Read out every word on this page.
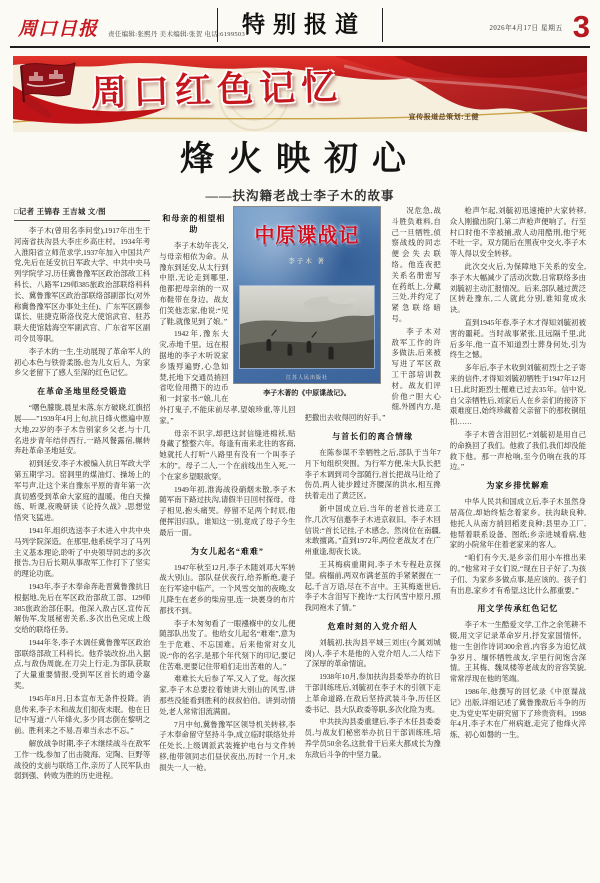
周口日报 责任编辑:张熙丹 美术编辑:张贺 电话:6199503
特别报道	2026年4月17日 星期五 3
周口红色记忆
宣传报道总策划:王健
烽火映初心
——扶沟籍老战士李子木的故事
□记者 王锦春 王吉城 文/图

李子木(曾用名李问堂),1917年出生于河南省扶沟县大李庄乡高庄村。1934年考入淮阳省立师范求学,1937年加入中国共产党,先后在延安抗日军政大学、中共中央马列学院学习,历任冀鲁豫军区政治部敌工科科长、八路军129师385旅政治部联络科科长、冀鲁豫军区政治部联络部副部长(对外称冀鲁豫军区办事处主任)、广东军区副参谋长、驻捷克斯洛伐克大使馆武官、驻苏联大使馆陆海空军副武官、广东省军区副司令员等职。

李子木的一生,生动展现了革命军人的初心本色与铁骨柔肠,也为儿女后人、为家乡父老留下了感人至深的红色记忆。

在革命圣地里经受锻造

“曙色朦胧,晨星未落,东方破晓,红旗招展——”1939年4月上旬,抗日烽火燃遍中原大地,22岁的李子木告别家乡父老,与十几名进步青年结伴西行,一路风餐露宿,辗转奔赴革命圣地延安。

初到延安,李子木被编入抗日军政大学第五期学习。窑洞里的煤油灯、操场上的军号声,让这个来自豫东平原的青年第一次真切感受到革命大家庭的温暖。他白天操练、听课,夜晚研读《论持久战》,思想觉悟突飞猛进。

1941年,组织选送李子木进入中共中央马列学院深造。在那里,他系统学习了马列主义基本理论,聆听了中央领导同志的多次报告,为日后长期从事敌军工作打下了坚实的理论功底。

1943年,李子木奉命奔赴晋冀鲁豫抗日根据地,先后在军区政治部敌工部、129师385旅政治部任职。他深入敌占区,宣传瓦解伪军,发展秘密关系,多次出色完成上级交给的联络任务。

1944年冬,李子木调任冀鲁豫军区政治部联络部敌工科科长。他乔装改扮,出入据点,与敌伪周旋,在刀尖上行走,为部队获取了大量重要情报,受到军区首长的通令嘉奖。

1945年8月,日本宣布无条件投降。消息传来,李子木和战友们彻夜未眠。他在日记中写道:“八年烽火,多少同志倒在黎明之前。胜利来之不易,吾辈当永志不忘。”

解放战争时期,李子木继续战斗在敌军工作一线,参加了出击陇海、定陶、巨野等战役的支前与联络工作,亲历了人民军队由弱到强、转败为胜的历史进程。

和母亲的相望相助

李子木幼年丧父,与母亲相依为命。从豫东到延安,从太行到中原,无论走到哪里,他都把母亲纳的一双布鞋带在身边。战友们笑他恋家,他说:“见了鞋,就像见到了娘。”

1942年,豫东大灾,赤地千里。远在根据地的李子木听说家乡饿殍遍野,心急如焚,托地下交通员捎回省吃俭用攒下的边币和一封家书:“娘,儿在外打鬼子,不能床前尽孝,望娘珍重,等儿回家。”

母亲不识字,却把这封信缝进棉袄,贴身藏了整整六年。每逢有南来北往的客商,她就托人打听“八路里有没有一个叫李子木的”。母子二人,一个在前线出生入死,一个在家乡望眼欲穿。

1949年初,淮海战役硝烟未散,李子木随军南下路过扶沟,请假半日回村探母。母子相见,抱头痛哭。停留不足两个时辰,他便挥泪归队。谁知这一别,竟成了母子今生最后一面。

为女儿起名“难难”

1947年秋至12月,李子木随刘邓大军转战大别山。部队昼伏夜行,给养断绝,妻子在行军途中临产。一个风雪交加的夜晚,女儿降生在老乡的柴房里,连一块裹身的布片都找不到。

李子木匆匆看了一眼襁褓中的女儿,便随部队出发了。他给女儿起名“难难”,意为生于危难、不忘国难。后来他常对女儿说:“你的名字,是那个年代刻下的印记,要记住苦难,更要记住带咱们走出苦难的人。”

难难长大后参了军,又入了党。每次探家,李子木总要拉着她讲大别山的风雪,讲那些没能看到胜利的叔叔伯伯。讲到动情处,老人常常泪流满面。

7月中旬,冀鲁豫军区领导机关转移,李子木奉命留守坚持斗争,成立临时联络处并任处长,上级调派武装掩护电台与文件转移,他带领同志们昼伏夜出,历时一个月,未损失一人一枪。

况危急,战斗胜负难料,自己一旦牺牲,侦察战线的同志便会失去联络。他连夜把关系名册密写在药纸上,分藏三处,并约定了紧急联络暗号。

李子木对敌军工作的许多做法,后来被写进了军区敌工干部培训教材。战友们评价他:“胆大心细,外圆内方,是把撒出去收得回的好手。”

与首长们的离合情缘

在陈参谋不幸牺牲之后,部队于当年7月下旬组织突围。为行军方便,朱大队长把李子木调到司令部随行,首长把战马让给了伤员,两人徒步蹚过齐腰深的洪水,相互搀扶着走出了黄泛区。

新中国成立后,当年的老首长进京工作,几次写信邀李子木进京叙旧。李子木回信说:“首长记挂,子木感念。然岗位在南疆,未敢擅离。”直到1972年,两位老战友才在广州重逢,彻夜长谈。

王其梅病重期间,李子木专程赴京探望。病榻前,两双布满老茧的手紧紧握在一起,千言万语,尽在不言中。王其梅逝世后,李子木含泪写下挽诗:“太行风雪中原月,照我同袍未了情。”

危难时刻的入党介绍人

刘毓初,扶沟县平城三刘庄(今属刘城岗)人,李子木是他的入党介绍人,二人结下了深厚的革命情谊。

1938年10月,参加扶沟县委举办的抗日干部训练班后,刘毓初在李子木的引领下走上革命道路,在敌后坚持武装斗争,历任区委书记、县大队政委等职,多次化险为夷。

中共扶沟县委重建后,李子木任县委委员,与战友们秘密举办抗日干部训练班,培养学员50余名,这批骨干后来大都成长为豫东敌后斗争的中坚力量。

枪声乍起,刘毓初迅速掩护大家转移,众人刚撤出院门,第二声枪声便响了。行至村口时他不幸被捕,敌人动用酷刑,他宁死不吐一字。双方随后在黑夜中交火,李子木等人得以安全转移。

此次交火后,为保障地下关系的安全,李子木大幅减少了活动次数,日常联络多由刘毓初主动汇报情况。后来,部队越过黄泛区转赴豫东,二人就此分别,谁知竟成永诀。

直到1945年春,李子木才得知刘毓初被害的噩耗。当时战事紧张,且远隔千里,此后多年,他一直不知道烈士葬身何处,引为终生之憾。

多年后,李子木收到刘毓初烈士之子寄来的信件,才得知刘毓初牺牲于1947年12月1日,此时距烈士罹难已过去35年。信中说,自父亲牺牲后,刘家后人在乡亲们的接济下艰难度日,始终珍藏着父亲留下的那枚铜纽扣……

李子木曾含泪回忆:“刘毓初是用自己的命换回了我们。他救了我们,我们却没能救下他。那一声枪响,至今仍响在我的耳边。”

为家乡排忧解难

中华人民共和国成立后,李子木虽然身居高位,却始终惦念着家乡。扶沟缺良种,他托人从南方捎回稻麦良种;县里办工厂,他帮着联系设备、图纸;乡亲进城看病,他家的小院常年住着老家来的客人。

“咱们有今天,是乡亲们用小车推出来的。”他常对子女们说,“现在日子好了,为孩子们、为家乡多做点事,是应该的。孩子们有出息,家乡才有希望,这比什么都重要。”

用文学传承红色记忆

李子木一生酷爱文学,工作之余笔耕不辍,用文字记录革命岁月,抒发家国情怀。他一生创作诗词300余首,内容多为追忆战争岁月、缅怀牺牲战友,字里行间饱含深情。王其梅、魏凤楼等老战友的音容笑貌,常常浮现在他的笔端。

1986年,他撰写的回忆录《中原谍战记》出版,详细记述了冀鲁豫敌后斗争的历史,为党史军史研究留下了珍贵资料。1998年4月,李子木在广州病逝,走完了他烽火淬炼、初心如磐的一生。

中原谍战记
李子木 著
江苏人民出版社
李子木著的《中原谍战记》。
